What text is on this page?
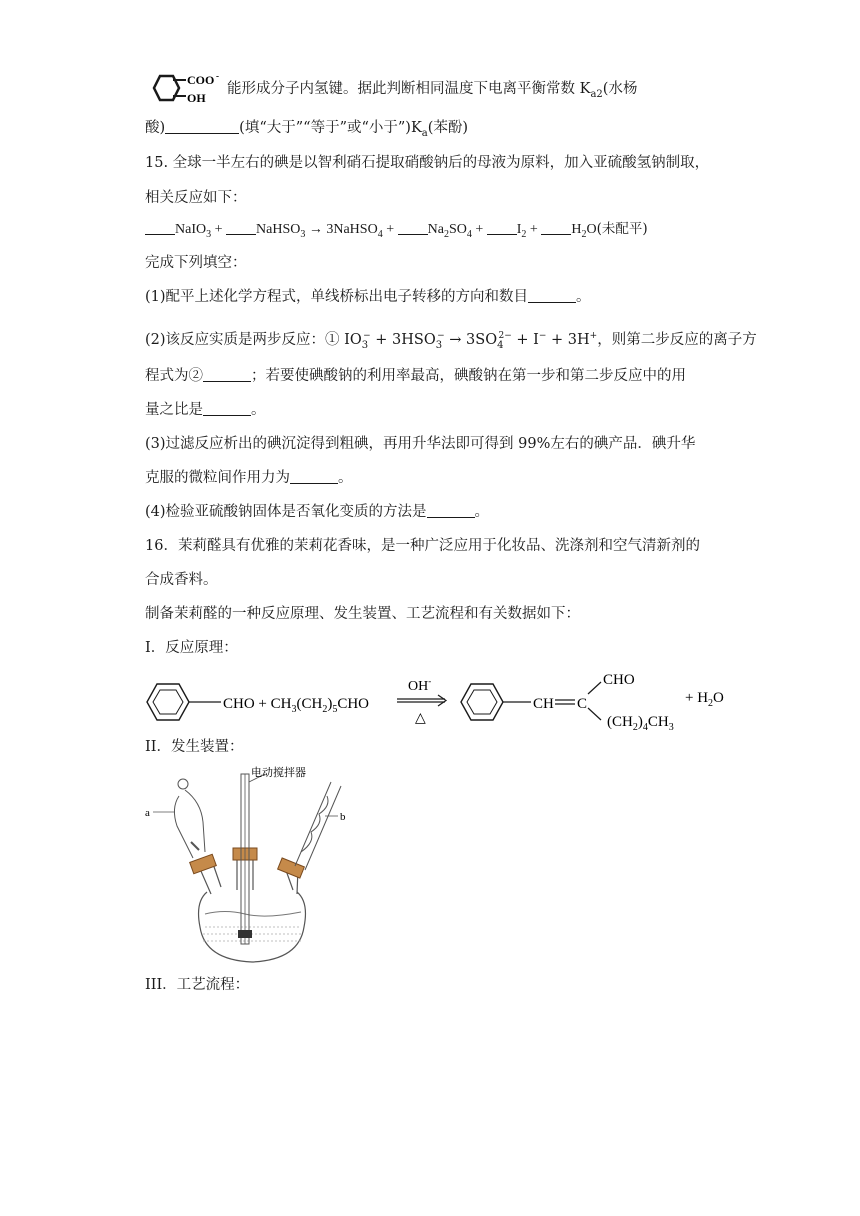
COO -
OH
能形成分子内氢键。据此判断相同温度下电离平衡常数 $K_{a2}$(水杨
酸)	(填“大于”“等于”或“小于$”)K_a$(苯酚)
15. 全球一半左右的碘是以智利硝石提取硝酸钠后的母液为原料，加入亚硫酸氢钠制取，
相关反应如下：
NaIO$_3$ + NaHSO$_3$ → 3NaHSO$_4$ + $Na_2SO_4 + I_2 + H_2O$(未配平)
完成下列填空：
(1)配平上述化学方程式，单线桥标出电子转移的方向和数目	。
(2)该反应实质是两步反应：① $IO_3^- + 3HSO_3^- \to 3SO_4^{2-} + I^- + 3H^+$，则第二步反应的离子方
程式为②	；若要使碘酸钠的利用率最高，碘酸钠在第一步和第二步反应中的用
量之比是	。
(3)过滤反应析出的碘沉淀得到粗碘，再用升华法即可得到 99%左右的碘产品．碘升华
克服的微粒间作用力为	。
(4)检验亚硫酸钠固体是否氧化变质的方法是	。
16．茉莉醛具有优雅的茉莉花香味，是一种广泛应用于化妆品、洗涤剂和空气清新剂的
合成香料。
制备茉莉醛的一种反应原理、发生装置、工艺流程和有关数据如下：
I．反应原理：
CHO + $CH_3(CH_2)_5CHO$
OH-
△
CH C
CHO
$(CH_2)_4CH_3$
+ $H_2O$
II．发生装置：
电动搅拌器
a	b
III．工艺流程：
